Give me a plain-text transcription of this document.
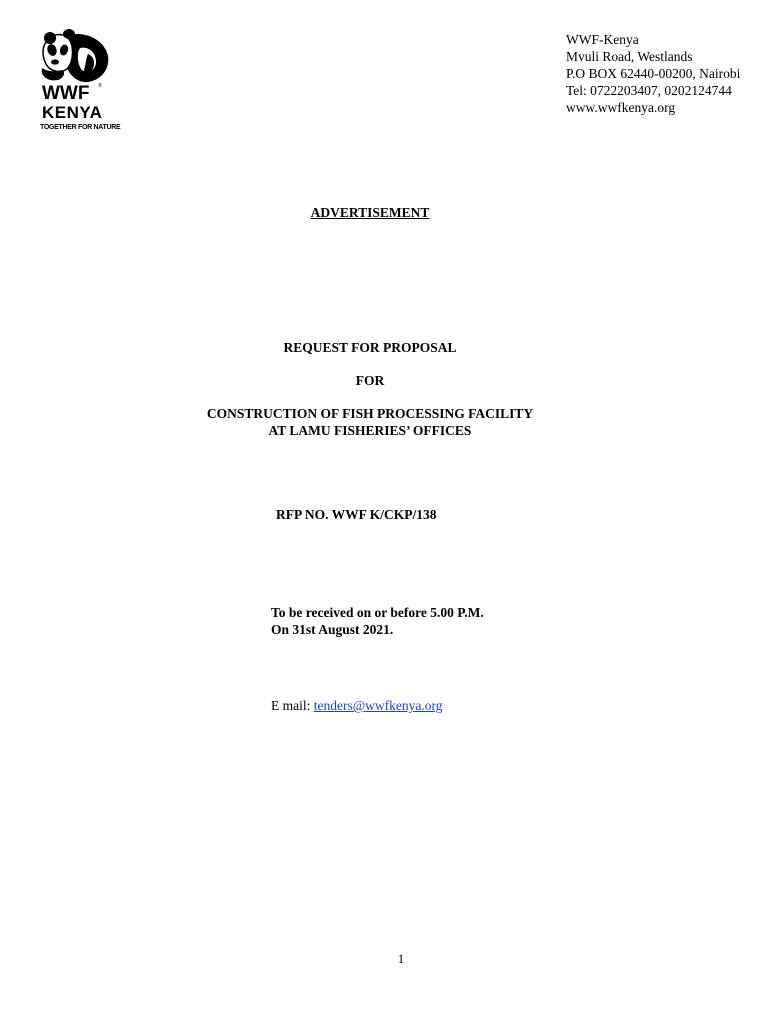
WWF ®
KENYA
TOGETHER FOR NATURE
WWF-Kenya
Mvuli Road, Westlands
P.O BOX 62440-00200, Nairobi
Tel: 0722203407, 0202124744
www.wwfkenya.org
ADVERTISEMENT
REQUEST FOR PROPOSAL
FOR
CONSTRUCTION OF FISH PROCESSING FACILITY
AT LAMU FISHERIES’ OFFICES
RFP NO. WWF K/CKP/138
To be received on or before 5.00 P.M.
On 31st August 2021.
E mail: tenders@wwfkenya.org
1
